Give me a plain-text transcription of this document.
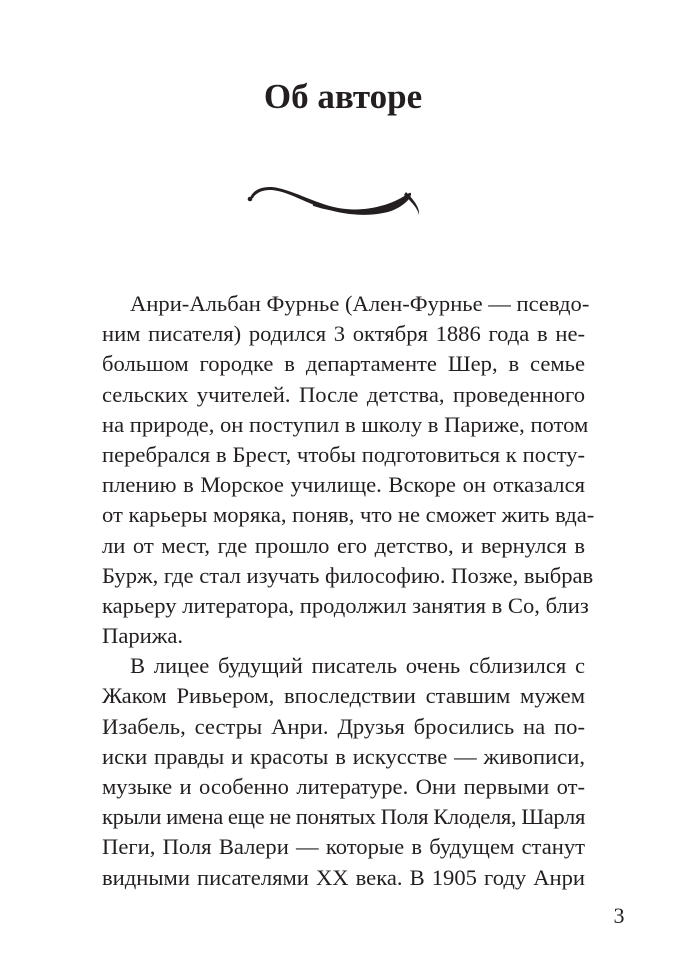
Об авторе
Анри-Альбан Фурнье (Ален-Фурнье — псевдо-
ним писателя) родился 3 октября 1886 года в не-
большом городке в департаменте Шер, в семье
сельских учителей. После детства, проведенного
на природе, он поступил в школу в Париже, потом
перебрался в Брест, чтобы подготовиться к посту-
плению в Морское училище. Вскоре он отказался
от карьеры моряка, поняв, что не сможет жить вда-
ли от мест, где прошло его детство, и вернулся в
Бурж, где стал изучать философию. Позже, выбрав
карьеру литератора, продолжил занятия в Со, близ
Парижа.
В лицее будущий писатель очень сблизился с
Жаком Ривьером, впоследствии ставшим мужем
Изабель, сестры Анри. Друзья бросились на по-
иски правды и красоты в искусстве — живописи,
музыке и особенно литературе. Они первыми от-
крыли имена еще не понятых Поля Клоделя, Шарля
Пеги, Поля Валери — которые в будущем станут
видными писателями XX века. В 1905 году Анри
3
